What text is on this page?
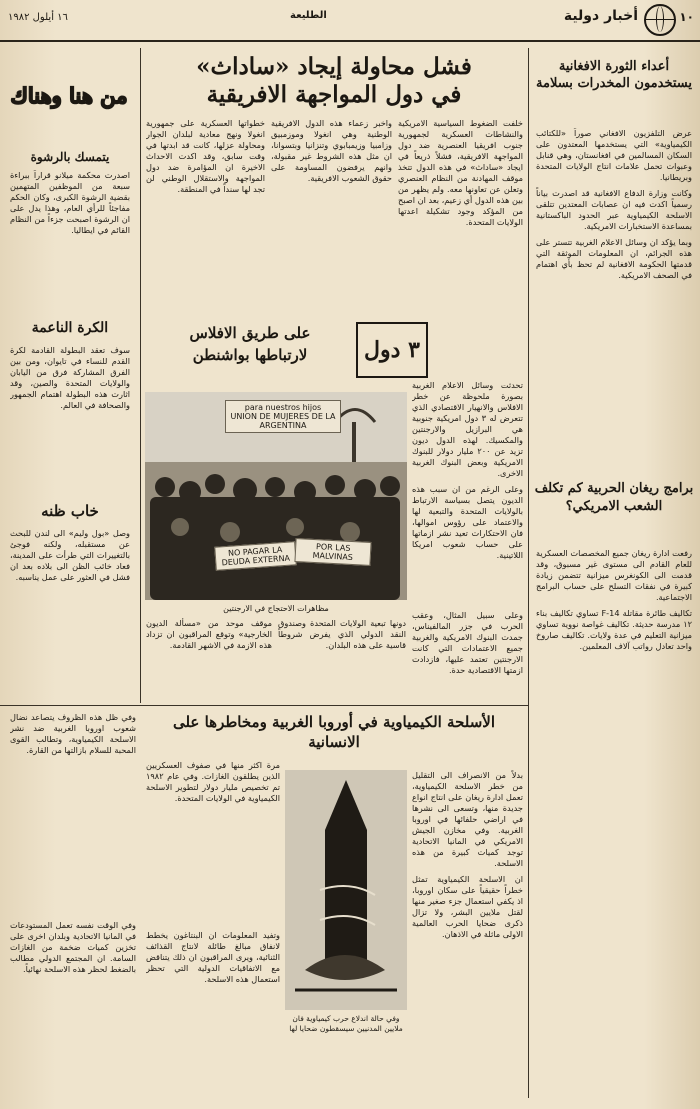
١٦ أيلول ١٩٨٢	الطليعة	أخبار دولية	١٠
من هنا وهناك
يتمسك بالرشوة

اصدرت محكمة ميلانو قراراً ببراءة سبعة من الموظفين المتهمين بقضية الرشوة الكبرى، وكان الحكم مفاجئاً للرأي العام، وهذا يدل على ان الرشوة اصبحت جزءاً من النظام القائم في ايطاليا.

الكرة الناعمة

سوف تعقد البطولة القادمة لكرة القدم للنساء في تايوان، ومن بين الفرق المشاركة فرق من اليابان والولايات المتحدة والصين، وقد اثارت هذه البطولة اهتمام الجمهور والصحافة في العالم.

خاب ظنه

وصل «بول وليم» الى لندن للبحث عن مستقبله، ولكنه فوجئ بالتغييرات التي طرأت على المدينة، فعاد خائب الظن الى بلاده بعد ان فشل في العثور على عمل يناسبه.

فشل محاولة إيجاد «ساداث»
في دول المواجهة الافريقية

خلفت الضغوط السياسية الامريكية والنشاطات العسكرية لجمهورية جنوب افريقيا العنصرية ضد دول المواجهة الافريقية، فشلاً ذريعاً في ايجاد «ساداث» في هذه الدول تتخذ موقف المهادنة من النظام العنصري وتعلن عن تعاونها معه. ولم يظهر من بين هذه الدول أي زعيم، بعد ان اصبح من المؤكد وجود تشكيلة اعدتها الولايات المتحدة.

واخبر زعماء هذه الدول الافريقية الوطنية وهي انغولا وموزمبيق وزامبيا وزيمبابوي وتنزانيا وبتسوانا، ان مثل هذه الشروط غير مقبولة، وانهم يرفضون المساومة على حقوق الشعوب الافريقية.

خطواتها العسكرية على جمهورية انغولا ونهج معادية لبلدان الجوار ومحاولة عزلها، كانت قد ابدتها في وقت سابق، وقد اكدت الاحداث الاخيرة ان المؤامرة ضد دول المواجهة والاستقلال الوطني لن تجد لها سنداً في المنطقة.

٣

دول
على طريق الافلاس
لارتباطها بواشنطن
para nuestros hijos
UNION DE MUJERES DE LA ARGENTINA
NO PAGAR LA DEUDA EXTERNA
POR LAS MALVINAS
مظاهرات الاحتجاج في الارجنتين

تحدثت وسائل الاعلام الغربية بصورة ملحوظة عن خطر الافلاس والانهيار الاقتصادي الذي تتعرض له ٣ دول امريكية جنوبية هي البرازيل والارجنتين والمكسيك. لهذه الدول ديون تزيد عن ٢٠٠ مليار دولار للبنوك الامريكية وبعض البنوك الغربية الاخرى.

وعلى الرغم من ان سبب هذه الديون يتصل بسياسة الارتباط بالولايات المتحدة والتبعية لها والاعتماد على رؤوس اموالها، فان الاحتكارات تعيد نشر ازماتها على حساب شعوب امريكا اللاتينية.

وعلى سبيل المثال، وعقب الحرب في جزر المالفيناس، جمدت البنوك الامريكية والغربية جميع الاعتمادات التي كانت الارجنتين تعتمد عليها، فازدادت ازمتها الاقتصادية حدة.

دونها تبعية الولايات المتحدة وصندوق النقد الدولي الذي يفرض شروطاً قاسية على هذه البلدان.

موقف موحد من «مسألة الديون الخارجية» وتوقع المراقبون ان تزداد هذه الازمة في الاشهر القادمة.

أعداء الثورة الافغانية يستخدمون المخدرات بسلامة

عرض التلفزيون الافغاني صوراً «للكتائب الكيمياوية» التي يستخدمها المعتدون على السكان المسالمين في افغانستان، وهي قنابل وعبوات تحمل علامات انتاج الولايات المتحدة وبريطانيا.

وكانت وزارة الدفاع الافغانية قد اصدرت بياناً رسمياً اكدت فيه ان عصابات المعتدين تتلقى الاسلحة الكيمياوية عبر الحدود الباكستانية بمساعدة الاستخبارات الامريكية.

وبما يؤكد ان وسائل الاعلام الغربية تتستر على هذه الجرائم، ان المعلومات الموثقة التي قدمتها الحكومة الافغانية لم تحظ بأي اهتمام في الصحف الامريكية.

برامج ريغان الحربية كم تكلف الشعب الامريكي؟

رفعت ادارة ريغان جميع المخصصات العسكرية للعام القادم الى مستوى غير مسبوق، وقد قدمت الى الكونغرس ميزانية تتضمن زيادة كبيرة في نفقات التسلح على حساب البرامج الاجتماعية.

تكاليف طائرة مقاتلة F-14 تساوي تكاليف بناء ١٢ مدرسة حديثة. تكاليف غواصة نووية تساوي ميزانية التعليم في عدة ولايات. تكاليف صاروخ واحد تعادل رواتب آلاف المعلمين.

الأسلحة الكيمياوية في أوروبا الغربية ومخاطرها على الانسانية

بدلاً من الانصراف الى التقليل من خطر الاسلحة الكيمياوية، تعمل ادارة ريغان على انتاج انواع جديدة منها، وتسعى الى نشرها في اراضي حلفائها في اوروبا الغربية. وفي مخازن الجيش الامريكي في المانيا الاتحادية توجد كميات كبيرة من هذه الاسلحة.

ان الاسلحة الكيمياوية تمثل خطراً حقيقياً على سكان اوروبا، اذ يكفي استعمال جزء صغير منها لقتل ملايين البشر، ولا تزال ذكرى ضحايا الحرب العالمية الاولى ماثلة في الاذهان.

وفي حالة اندلاع حرب كيمياوية فان ملايين المدنيين سيسقطون ضحايا لها

مرة اكثر منها في صفوف العسكريين الذين يطلقون الغازات. وفي عام ١٩٨٢ تم تخصيص مليار دولار لتطوير الاسلحة الكيمياوية في الولايات المتحدة.

وتفيد المعلومات ان البنتاغون يخطط لانفاق مبالغ طائلة لانتاج القذائف الثنائية، ويرى المراقبون ان ذلك يتناقض مع الاتفاقيات الدولية التي تحظر استعمال هذه الاسلحة.

وفي ظل هذه الظروف يتصاعد نضال شعوب اوروبا الغربية ضد نشر الاسلحة الكيمياوية، وتطالب القوى المحبة للسلام بازالتها من القارة.

وفي الوقت نفسه تعمل المستودعات في المانيا الاتحادية وبلدان اخرى على تخزين كميات ضخمة من الغازات السامة. ان المجتمع الدولي مطالب بالضغط لحظر هذه الاسلحة نهائياً.
